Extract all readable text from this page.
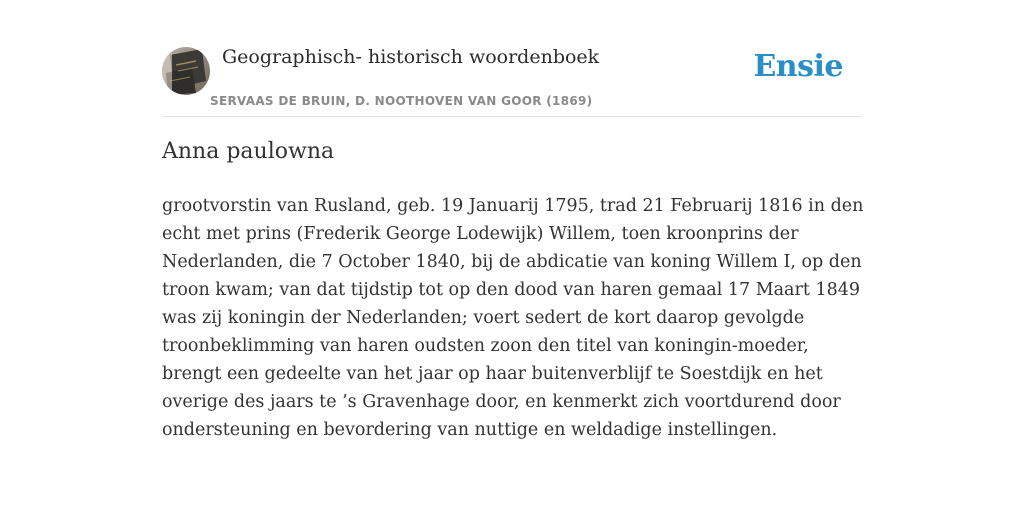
Geographisch- historisch woordenboek
SERVAAS DE BRUIN, D. NOOTHOVEN VAN GOOR (1869)
Ensie
Anna paulowna

grootvorstin van Rusland, geb. 19 Januarij 1795, trad 21 Februarij 1816 in den echt met prins (Frederik George Lodewijk) Willem, toen kroonprins der Nederlanden, die 7 October 1840, bij de abdicatie van koning Willem I, op den troon kwam; van dat tijdstip tot op den dood van haren gemaal 17 Maart 1849 was zij koningin der Nederlanden; voert sedert de kort daarop gevolgde troonbeklimming van haren oudsten zoon den titel van koningin-moeder, brengt een gedeelte van het jaar op haar buitenverblijf te Soestdijk en het overige des jaars te ’s Gravenhage door, en kenmerkt zich voortdurend door ondersteuning en bevordering van nuttige en weldadige instellingen.
